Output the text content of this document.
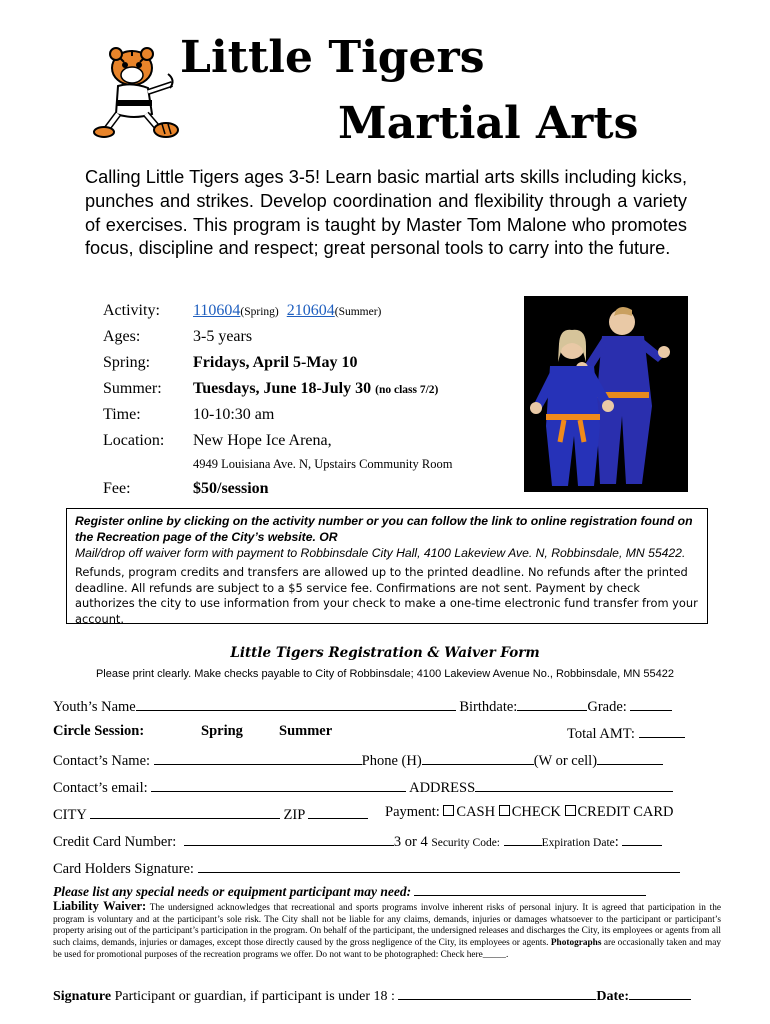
Little Tigers
Martial Arts
Calling Little Tigers ages 3-5! Learn basic martial arts skills including kicks, punches and strikes. Develop coordination and flexibility through a variety of exercises. This program is taught by Master Tom Malone who promotes focus, discipline and respect; great personal tools to carry into the future.
Activity: 110604(Spring) 210604(Summer)
Ages:	3-5 years
Spring:	Fridays, April 5-May 10
Summer: Tuesdays, June 18-July 30 (no class 7/2)
Time:	10-10:30 am
Location: New Hope Ice Arena,
4949 Louisiana Ave. N, Upstairs Community Room
Fee:	$50/session
Register online by clicking on the activity number or you can follow the link to online registration found on the Recreation page of the City’s website. OR
Mail/drop off waiver form with payment to Robbinsdale City Hall, 4100 Lakeview Ave. N, Robbinsdale, MN 55422.
Refunds, program credits and transfers are allowed up to the printed deadline. No refunds after the printed deadline. All refunds are subject to a $5 service fee. Confirmations are not sent. Payment by check authorizes the city to use information from your check to make a one-time electronic fund transfer from your account.
Little Tigers Registration & Waiver Form
Please print clearly. Make checks payable to City of Robbinsdale; 4100 Lakeview Avenue No., Robbinsdale, MN 55422
Youth’s Name	Birthdate:	Grade:
Circle Session:	Spring Summer	Total AMT:
Contact’s Name:	Phone (H)	(W or cell)
Contact’s email:	ADDRESS
CITY	ZIP	Payment: CASH CHECK CREDIT CARD
Credit Card Number:	3 or 4 Security Code:	Expiration Date:
Card Holders Signature:
Please list any special needs or equipment participant may need:
Liability Waiver: The undersigned acknowledges that recreational and sports programs involve inherent risks of personal injury. It is agreed that participation in the program is voluntary and at the participant’s sole risk. The City shall not be liable for any claims, demands, injuries or damages whatsoever to the participant or participant’s property arising out of the participant’s participation in the program. On behalf of the participant, the undersigned releases and discharges the City, its employees or agents from all such claims, demands, injuries or damages, except those directly caused by the gross negligence of the City, its employees or agents. Photographs are occasionally taken and may be used for promotional purposes of the recreation programs we offer. Do not want to be photographed: Check here_____.
Signature Participant or guardian, if participant is under 18 :	Date:
